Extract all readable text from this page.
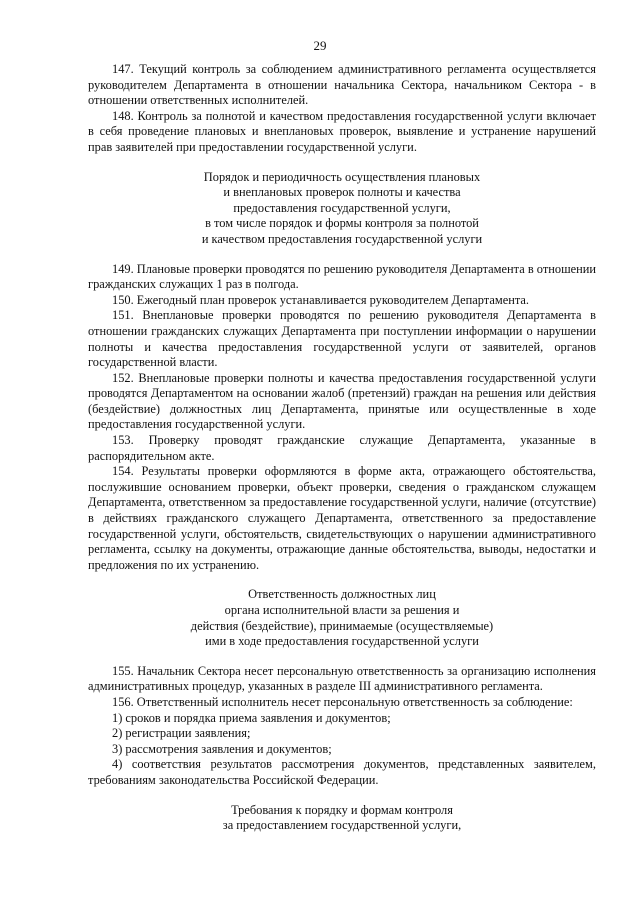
29

147. Текущий контроль за соблюдением административного регламента осуществляется руководителем Департамента в отношении начальника Сектора, начальником Сектора - в отношении ответственных исполнителей.

148. Контроль за полнотой и качеством предоставления государственной услуги включает в себя проведение плановых и внеплановых проверок, выявление и устранение нарушений прав заявителей при предоставлении государственной услуги.

Порядок и периодичность осуществления плановых
и внеплановых проверок полноты и качества
предоставления государственной услуги,
в том числе порядок и формы контроля за полнотой
и качеством предоставления государственной услуги

149. Плановые проверки проводятся по решению руководителя Департамента в отношении гражданских служащих 1 раз в полгода.

150. Ежегодный план проверок устанавливается руководителем Департамента.

151. Внеплановые проверки проводятся по решению руководителя Департамента в отношении гражданских служащих Департамента при поступлении информации о нарушении полноты и качества предоставления государственной услуги от заявителей, органов государственной власти.

152. Внеплановые проверки полноты и качества предоставления государственной услуги проводятся Департаментом на основании жалоб (претензий) граждан на решения или действия (бездействие) должностных лиц Департамента, принятые или осуществленные в ходе предоставления государственной услуги.

153. Проверку проводят гражданские служащие Департамента, указанные в распорядительном акте.

154. Результаты проверки оформляются в форме акта, отражающего обстоятельства, послужившие основанием проверки, объект проверки, сведения о гражданском служащем Департамента, ответственном за предоставление государственной услуги, наличие (отсутствие) в действиях гражданского служащего Департамента, ответственного за предоставление государственной услуги, обстоятельств, свидетельствующих о нарушении административного регламента, ссылку на документы, отражающие данные обстоятельства, выводы, недостатки и предложения по их устранению.

Ответственность должностных лиц
органа исполнительной власти за решения и
действия (бездействие), принимаемые (осуществляемые)
ими в ходе предоставления государственной услуги

155. Начальник Сектора несет персональную ответственность за организацию исполнения административных процедур, указанных в разделе III административного регламента.

156. Ответственный исполнитель несет персональную ответственность за соблюдение:

1) сроков и порядка приема заявления и документов;

2) регистрации заявления;

3) рассмотрения заявления и документов;

4) соответствия результатов рассмотрения документов, представленных заявителем, требованиям законодательства Российской Федерации.

Требования к порядку и формам контроля
за предоставлением государственной услуги,
